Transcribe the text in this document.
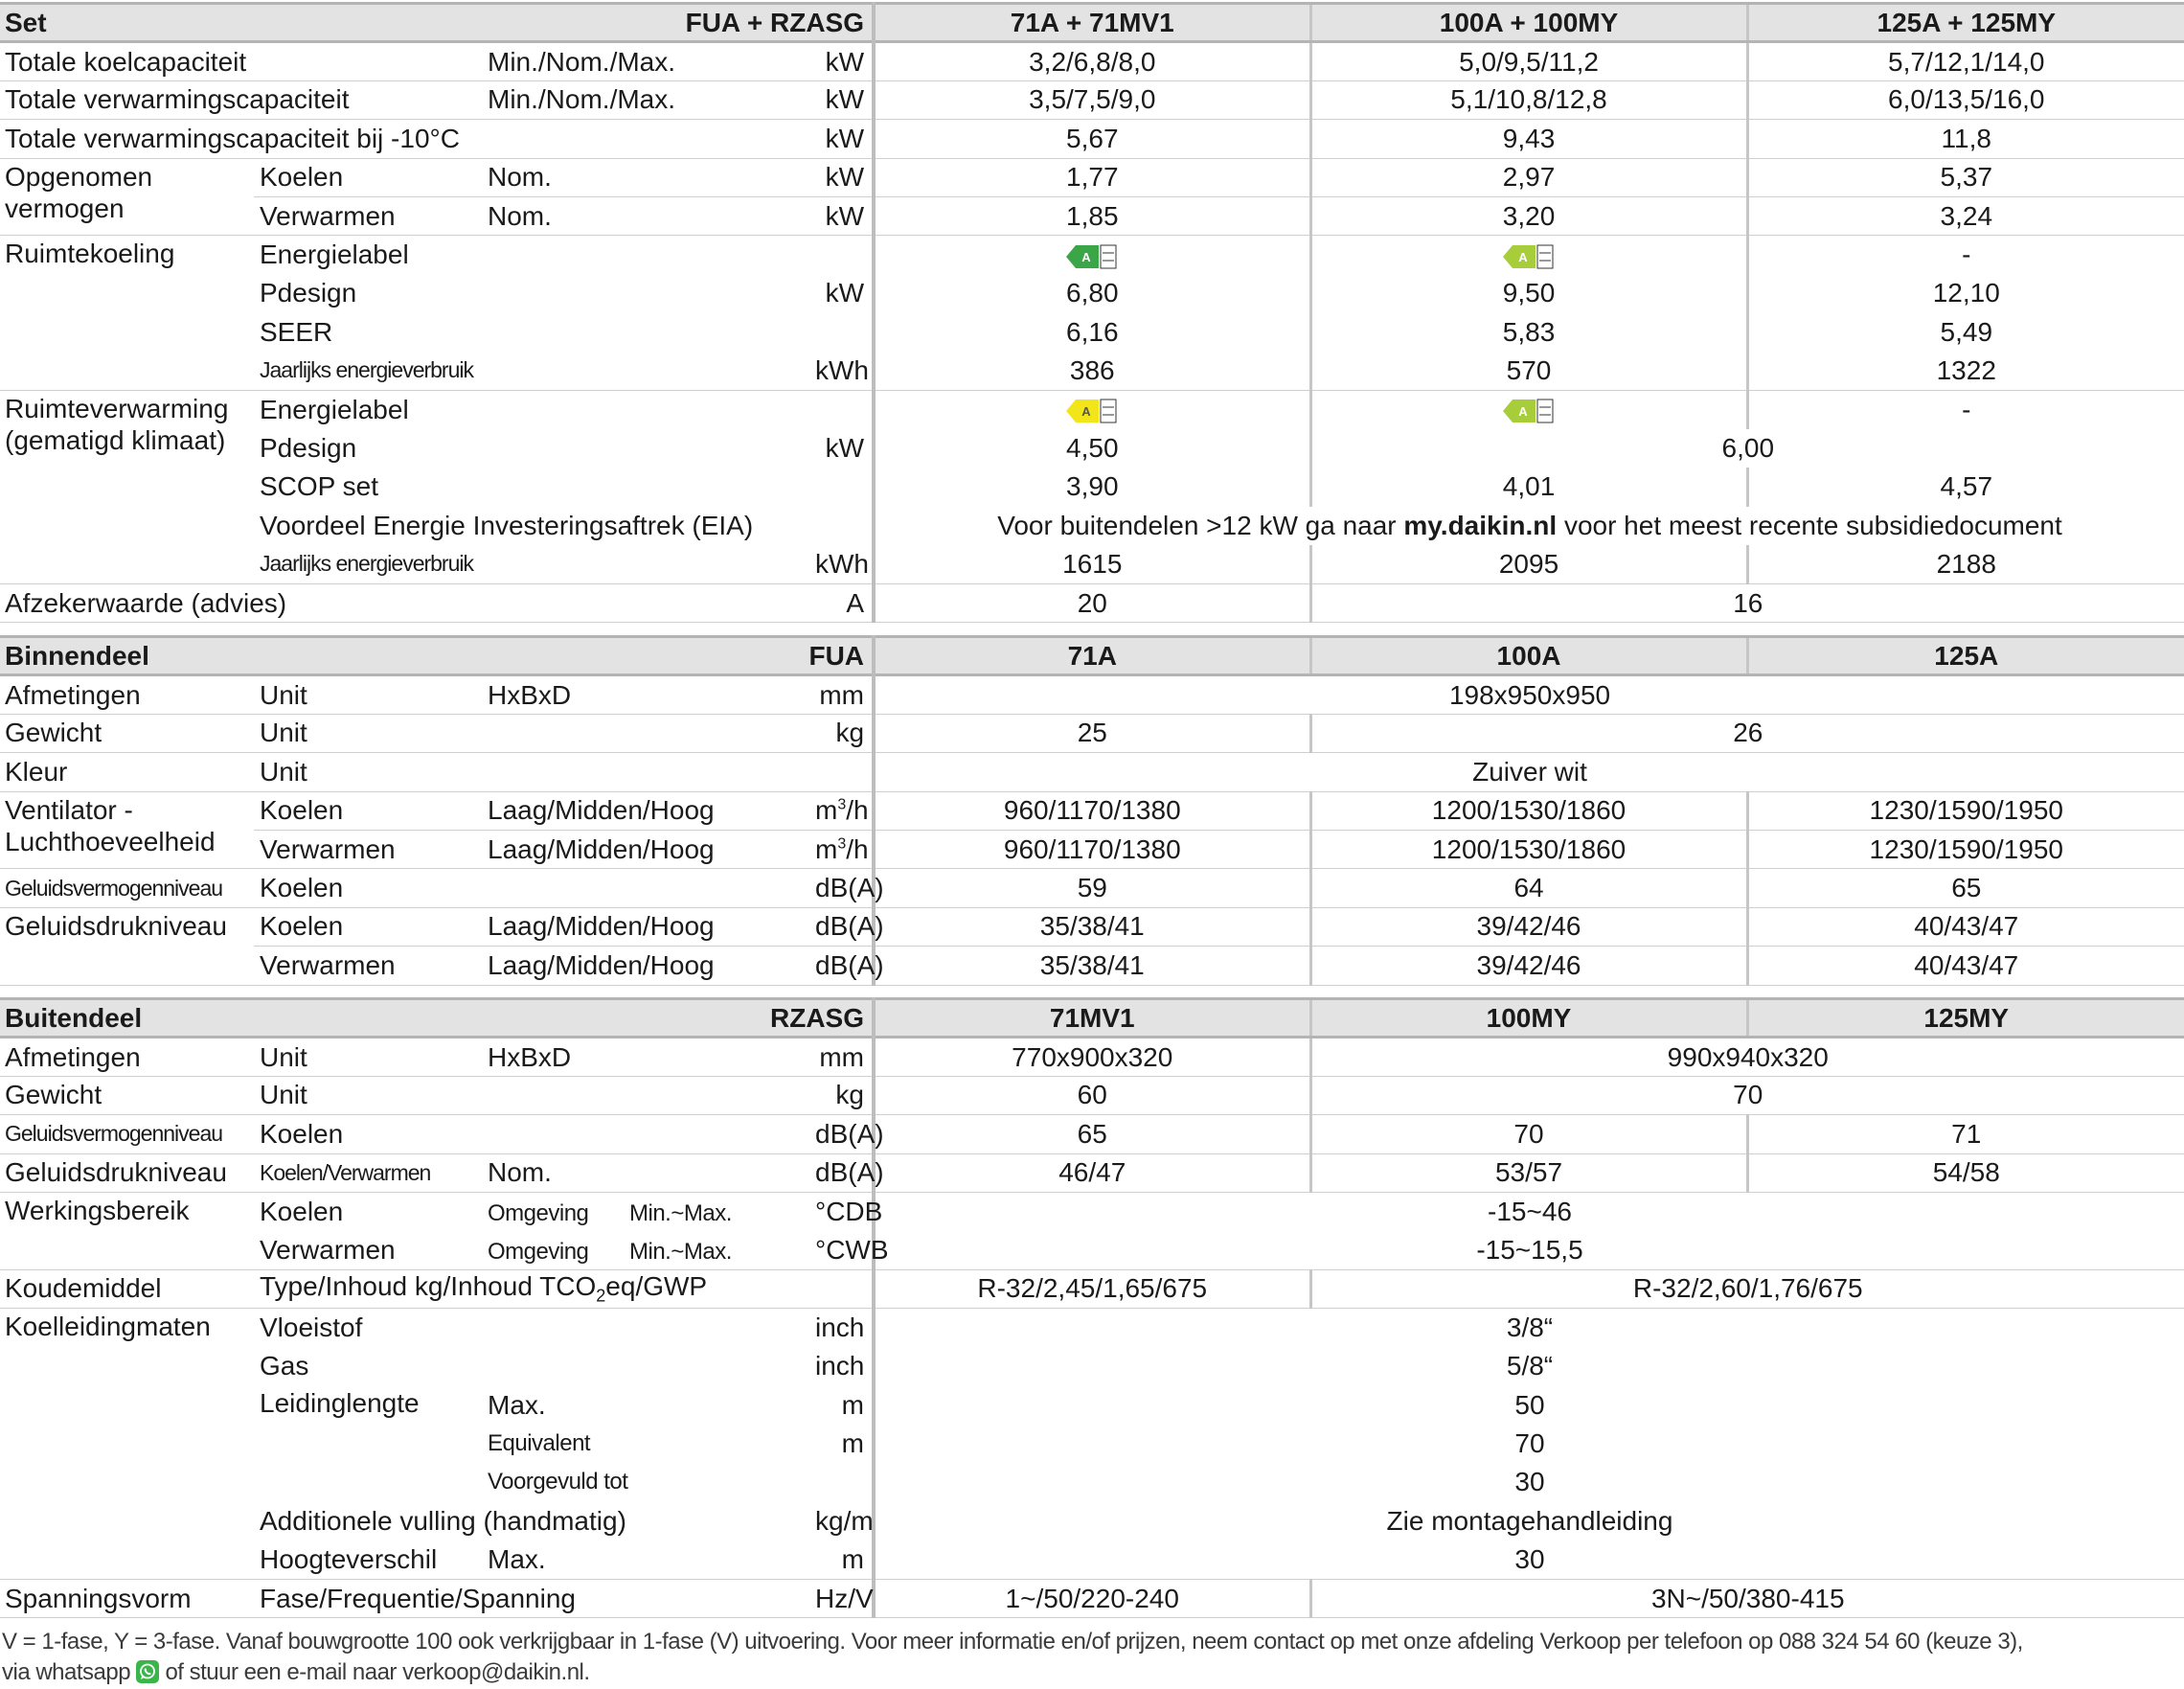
Set		FUA + RZASG		71A + 71MV1	100A + 100MY	125A + 125MY
Totale koelcapaciteit		Min./Nom./Max.	kW	3,2/6,8/8,0	5,0/9,5/11,2	5,7/12,1/14,0
Totale verwarmingscapaciteit		Min./Nom./Max.	kW	3,5/7,5/9,0	5,1/10,8/12,8	6,0/13,5/16,0
Totale verwarmingscapaciteit bij -10°C			kW	5,67	9,43	11,8
Opgenomen vermogen	Koelen	Nom.	kW	1,77	2,97	5,37
	Verwarmen	Nom.	kW	1,85	3,20	3,24
Ruimtekoeling	Energielabel			A	A	-
	Pdesign		kW	6,80	9,50	12,10
	SEER			6,16	5,83	5,49
	Jaarlijks energieverbruik		kWh	386	570	1322
Ruimteverwarming (gematigd klimaat)	Energielabel			A	A	-
	Pdesign		kW	4,50	6,00	
	SCOP set			3,90	4,01	4,57
	Voordeel Energie Investeringsaftrek (EIA)			Voor buitendelen >12 kW ga naar my.daikin.nl voor het meest recente subsidiedocument		
	Jaarlijks energieverbruik		kWh	1615	2095	2188
Afzekerwaarde (advies)			A	20	16	
Binnendeel		FUA		71A	100A	125A
Afmetingen	Unit	HxBxD	mm	198x950x950		
Gewicht	Unit		kg	25	26	
Kleur	Unit			Zuiver wit		
Ventilator - Luchthoeveelheid	Koelen	Laag/Midden/Hoog	$m^3/h$	960/1170/1380	1200/1530/1860	1230/1590/1950
	Verwarmen	Laag/Midden/Hoog	$m^3/h$	960/1170/1380	1200/1530/1860	1230/1590/1950
Geluidsvermogenniveau	Koelen		dB(A)	59	64	65
Geluidsdrukniveau	Koelen	Laag/Midden/Hoog	dB(A)	35/38/41	39/42/46	40/43/47
	Verwarmen	Laag/Midden/Hoog	dB(A)	35/38/41	39/42/46	40/43/47
Buitendeel		RZASG		71MV1	100MY	125MY
Afmetingen	Unit	HxBxD	mm	770x900x320	990x940x320	
Gewicht	Unit		kg	60	70	
Geluidsvermogenniveau	Koelen		dB(A)	65	70	71
Geluidsdrukniveau	Koelen/Verwarmen	Nom.	dB(A)	46/47	53/57	54/58
Werkingsbereik	Koelen	Omgeving Min.~Max.	°CDB	-15~46		
	Verwarmen	Omgeving Min.~Max.	°CWB	-15~15,5		
Koudemiddel	Type/Inhoud kg/Inhoud $TCO_2eq$/GWP			R-32/2,45/1,65/675	R-32/2,60/1,76/675	
Koelleidingmaten	Vloeistof		inch	3/8“		
	Gas		inch	5/8“		
	Leidinglengte	Max.	m	50		
		Equivalent	m	70		
		Voorgevuld tot		30		
	Additionele vulling (handmatig)		kg/m	Zie montagehandleiding		
	Hoogteverschil	Max.	m	30		
Spanningsvorm	Fase/Frequentie/Spanning		Hz/V	1~/50/220-240	3N~/50/380-415	
V = 1-fase, Y = 3-fase. Vanaf bouwgrootte 100 ook verkrijgbaar in 1-fase (V) uitvoering. Voor meer informatie en/of prijzen, neem contact op met onze afdeling Verkoop per telefoon op 088 324 54 60 (keuze 3),
via whatsapp of stuur een e-mail naar verkoop@daikin.nl.
